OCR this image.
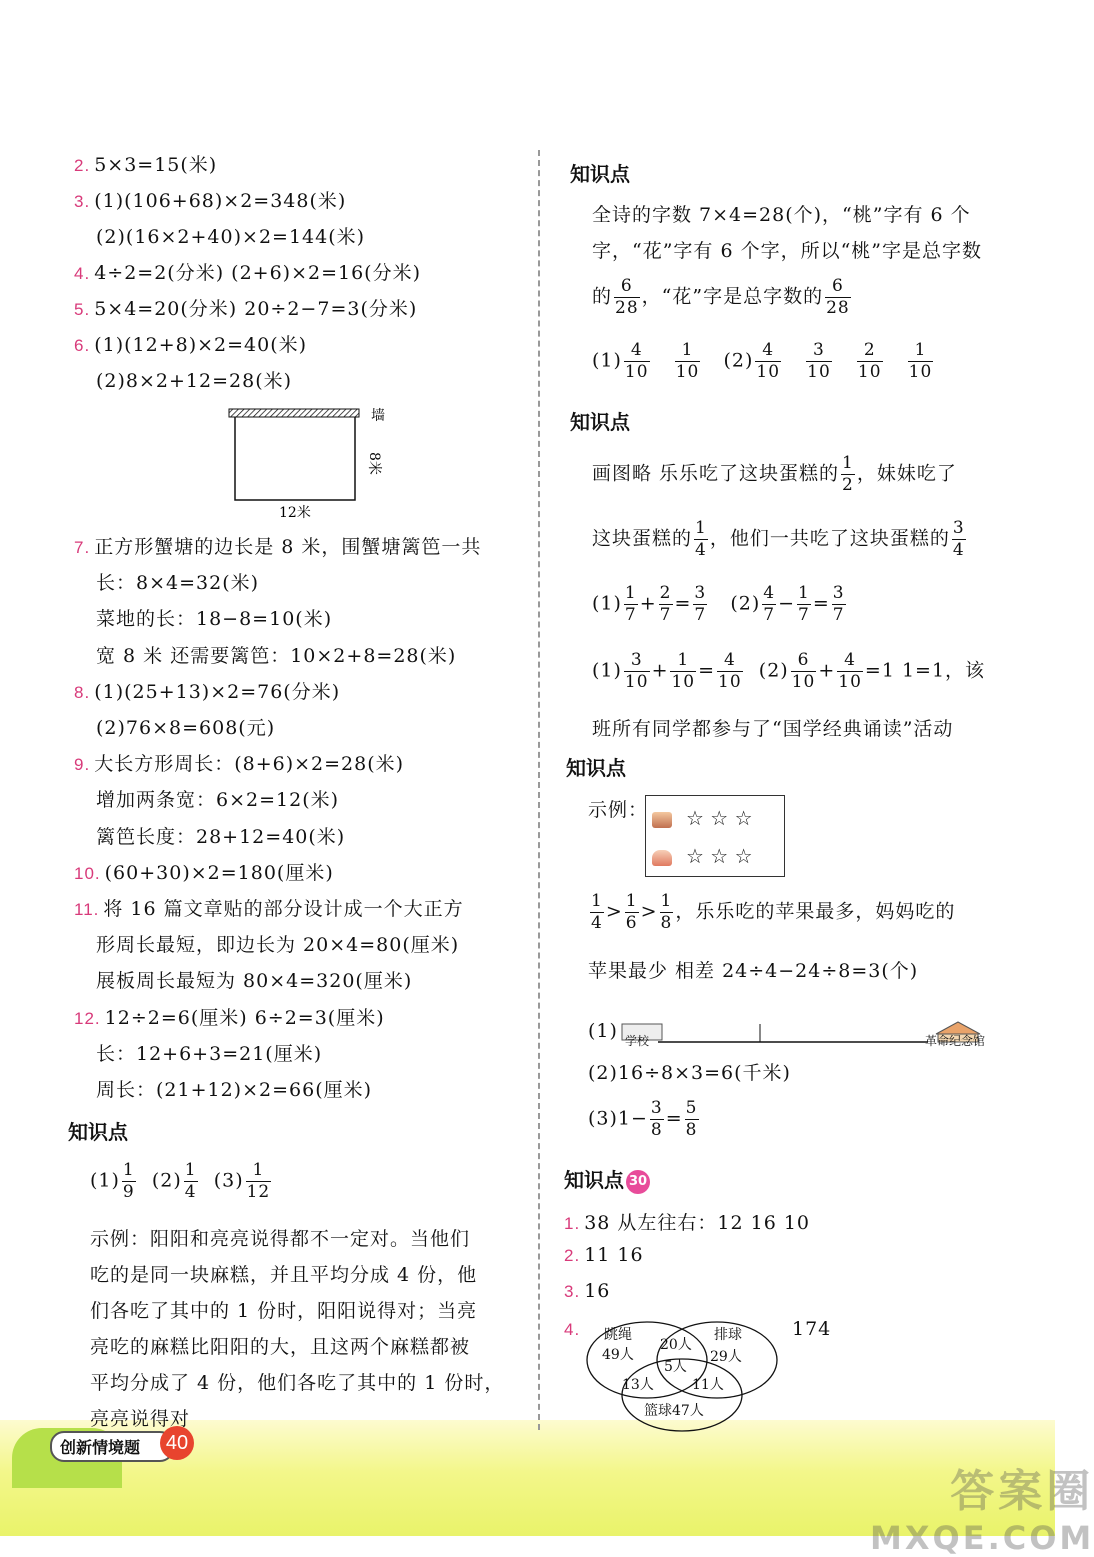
创新情境题	40
2. 5×3=15(米)
3. (1)(106+68)×2=348(米)
(2)(16×2+40)×2=144(米)
4. 4÷2=2(分米) (2+6)×2=16(分米)
5. 5×4=20(分米) 20÷2−7=3(分米)
6. (1)(12+8)×2=40(米)
(2)8×2+12=28(米)
墙
8米
12米
7. 正方形蟹塘的边长是 8 米，围蟹塘篱笆一共
长：8×4=32(米)
菜地的长：18−8=10(米)
宽 8 米 还需要篱笆：10×2+8=28(米)
8. (1)(25+13)×2=76(分米)
(2)76×8=608(元)
9. 大长方形周长：(8+6)×2=28(米)
增加两条宽：6×2=12(米)
篱笆长度：28+12=40(米)
10. (60+30)×2=180(厘米)
11. 将 16 篇文章贴的部分设计成一个大正方
形周长最短，即边长为 20×4=80(厘米)
展板周长最短为 80×4=320(厘米)
12. 12÷2=6(厘米) 6÷2=3(厘米)
长：12+6+3=21(厘米)
周长：(21+12)×2=66(厘米)
知识点
$(1) \frac{1}{9} (2) \frac{1}{4} (3) \frac{1}{12}$
示例：阳阳和亮亮说得都不一定对。当他们
吃的是同一块麻糕，并且平均分成 4 份，他
们各吃了其中的 1 份时，阳阳说得对；当亮
亮吃的麻糕比阳阳的大，且这两个麻糕都被
平均分成了 4 份，他们各吃了其中的 1 份时，
亮亮说得对
知识点
全诗的字数 7×4=28(个)，“桃”字有 6 个
字，“花”字有 6 个字，所以“桃”字是总字数
的 $\frac{6}{28}$ ，“花”字是总字数的 $\frac{6}{28}$
$(1) \frac{4}{10}$
$\frac{1}{10} (2) \frac{4}{10}$
$\frac{3}{10}$
$\frac{2}{10}$
$\frac{1}{10}$
知识点
画图略 乐乐吃了这块蛋糕的 $\frac{1}{2}$ ，妹妹吃了
这块蛋糕的 $\frac{1}{4}$ ，他们一共吃了这块蛋糕的 $\frac{3}{4}$
$(1) \frac{1}{7} + \frac{2}{7} = \frac{3}{7} (2) \frac{4}{7} - \frac{1}{7} = \frac{3}{7}$
$(1) \frac{3}{10} + \frac{1}{10} = \frac{4}{10} (2) \frac{6}{10} + \frac{4}{10} =1$ 1=1，该
班所有同学都参与了“国学经典诵读”活动
知识点
示例：	☆ ☆ ☆
☆ ☆ ☆
$\frac{1}{4} > \frac{1}{6} > \frac{1}{8}$ ，乐乐吃的苹果最多，妈妈吃的
苹果最少 相差 24÷4−24÷8=3(个)
(1) 学校	革命纪念馆
(2)16÷8×3=6(千米)
$(3)1- \frac{3}{8} = \frac{5}{8}$
知识点 30
1. 38 从左往右：12 16 10
2. 11 16
3. 16
4.	174
跳绳
49人
排球
29人
20人
5人
13人	11人
篮球47人
答案圈
MXQE.COM
